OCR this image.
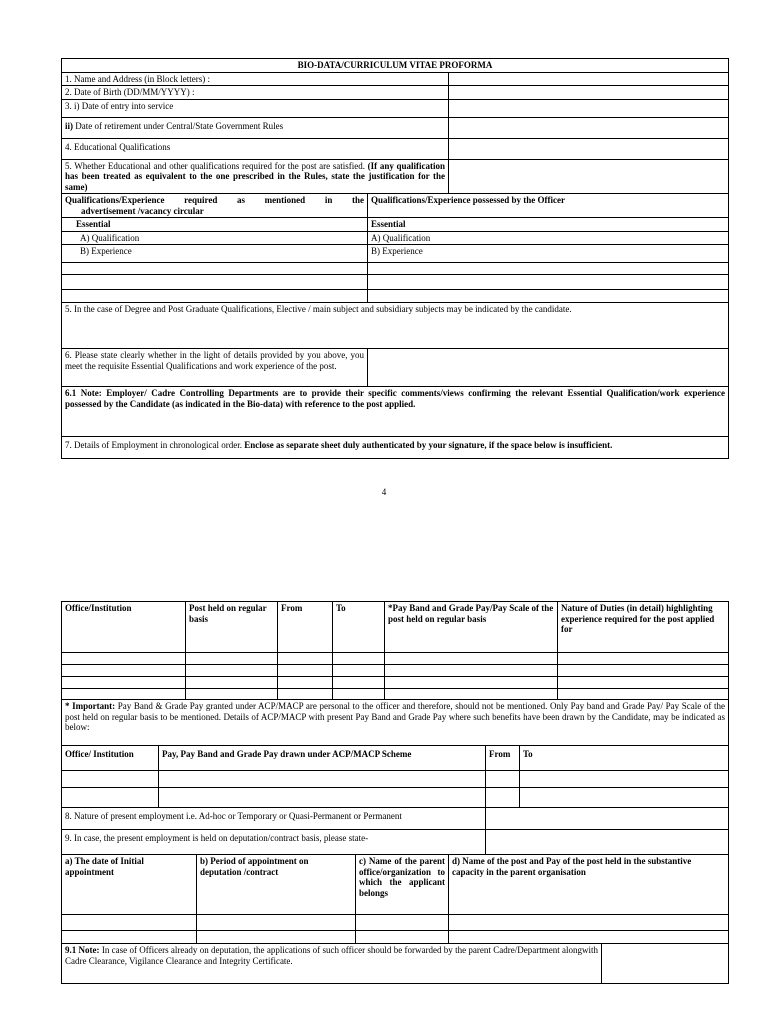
BIO-DATA/CURRICULUM VITAE PROFORMA		
1. Name and Address (in Block letters) :		
2. Date of Birth (DD/MM/YYYY) :		
3. i) Date of entry into service		
ii) Date of retirement under Central/State Government Rules		
4. Educational Qualifications		
5. Whether Educational and other qualifications required for the post are satisfied. (If any qualification has been treated as equivalent to the one prescribed in the Rules, state the justification for the same)		

Qualifications/Experience required as mentioned in the
advertisement /vacancy circular	Qualifications/Experience possessed by the Officer	
Essential	Essential	
A) Qualification	A) Qualification	
B) Experience	B) Experience	

5. In the case of Degree and Post Graduate Qualifications, Elective / main subject and subsidiary subjects may be indicated by the candidate.		
6. Please state clearly whether in the light of details provided by you above, you meet the requisite Essential Qualifications and work experience of the post.		
6.1 Note: Employer/ Cadre Controlling Departments are to provide their specific comments/views confirming the relevant Essential Qualification/work experience possessed by the Candidate (as indicated in the Bio-data) with reference to the post applied.		
7. Details of Employment in chronological order. Enclose as separate sheet duly authenticated by your signature, if the space below is insufficient.		
4
Office/Institution	Post held on regular basis	From	To	*Pay Band and Grade Pay/Pay Scale of the post held on regular basis	Nature of Duties (in detail) highlighting experience required for the post applied for

* Important: Pay Band & Grade Pay granted under ACP/MACP are personal to the officer and therefore, should not be mentioned. Only Pay band and Grade Pay/ Pay Scale of the post held on regular basis to be mentioned. Details of ACP/MACP with present Pay Band and Grade Pay where such benefits have been drawn by the Candidate, may be indicated as below:					
Office/ Institution	Pay, Pay Band and Grade Pay drawn under ACP/MACP Scheme	From	To

8. Nature of present employment i.e. Ad-hoc or Temporary or Quasi-Permanent or Permanent			
9. In case, the present employment is held on deputation/contract basis, please state-			
a) The date of Initial appointment	b) Period of appointment on deputation /contract	c) Name of the parent office/organization to which the applicant belongs	d) Name of the post and Pay of the post held in the substantive capacity in the parent organisation	

9.1 Note: In case of Officers already on deputation, the applications of such officer should be forwarded by the parent Cadre/Department alongwith Cadre Clearance, Vigilance Clearance and Integrity Certificate.				
